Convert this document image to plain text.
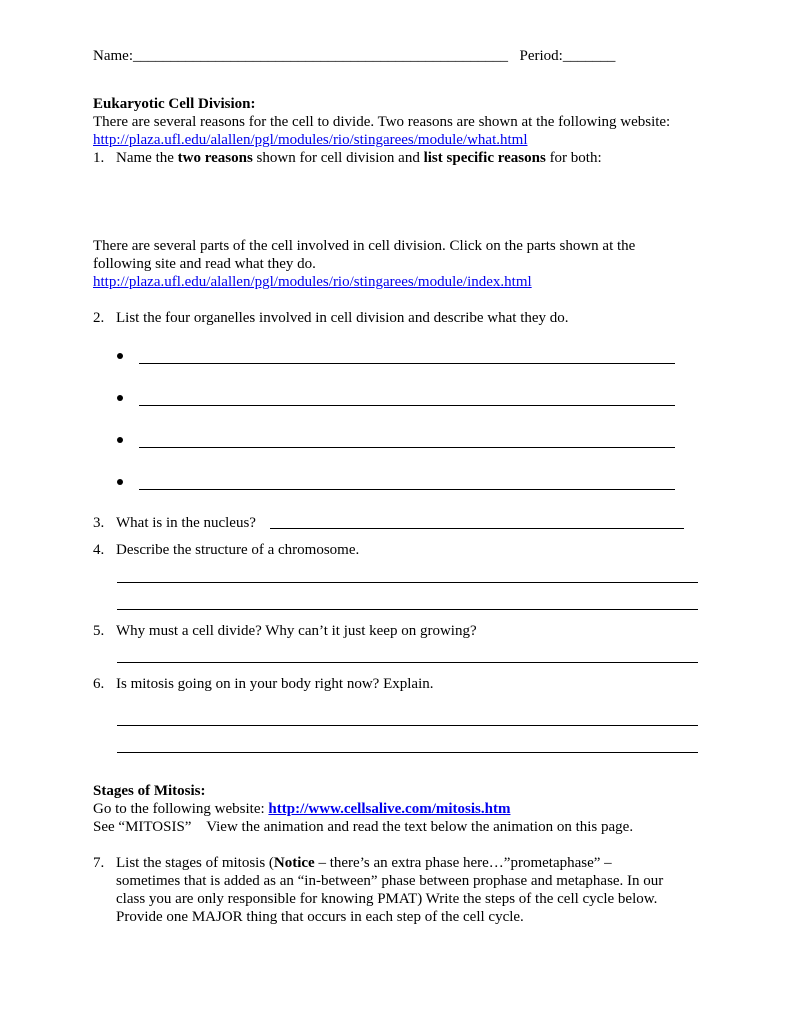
Name:__________________________________________________ Period:_______
Eukaryotic Cell Division:
There are several reasons for the cell to divide. Two reasons are shown at the following website:
http://plaza.ufl.edu/alallen/pgl/modules/rio/stingarees/module/what.html
1. Name the two reasons shown for cell division and list specific reasons for both:
There are several parts of the cell involved in cell division. Click on the parts shown at the
following site and read what they do.
http://plaza.ufl.edu/alallen/pgl/modules/rio/stingarees/module/index.html
2. List the four organelles involved in cell division and describe what they do.
3. What is in the nucleus?
4. Describe the structure of a chromosome.
5. Why must a cell divide? Why can’t it just keep on growing?
6. Is mitosis going on in your body right now? Explain.
Stages of Mitosis:
Go to the following website: http://www.cellsalive.com/mitosis.htm
See “MITOSIS”    View the animation and read the text below the animation on this page.
7. List the stages of mitosis (Notice – there’s an extra phase here…”prometaphase” –
sometimes that is added as an “in-between” phase between prophase and metaphase. In our
class you are only responsible for knowing PMAT) Write the steps of the cell cycle below.
Provide one MAJOR thing that occurs in each step of the cell cycle.
